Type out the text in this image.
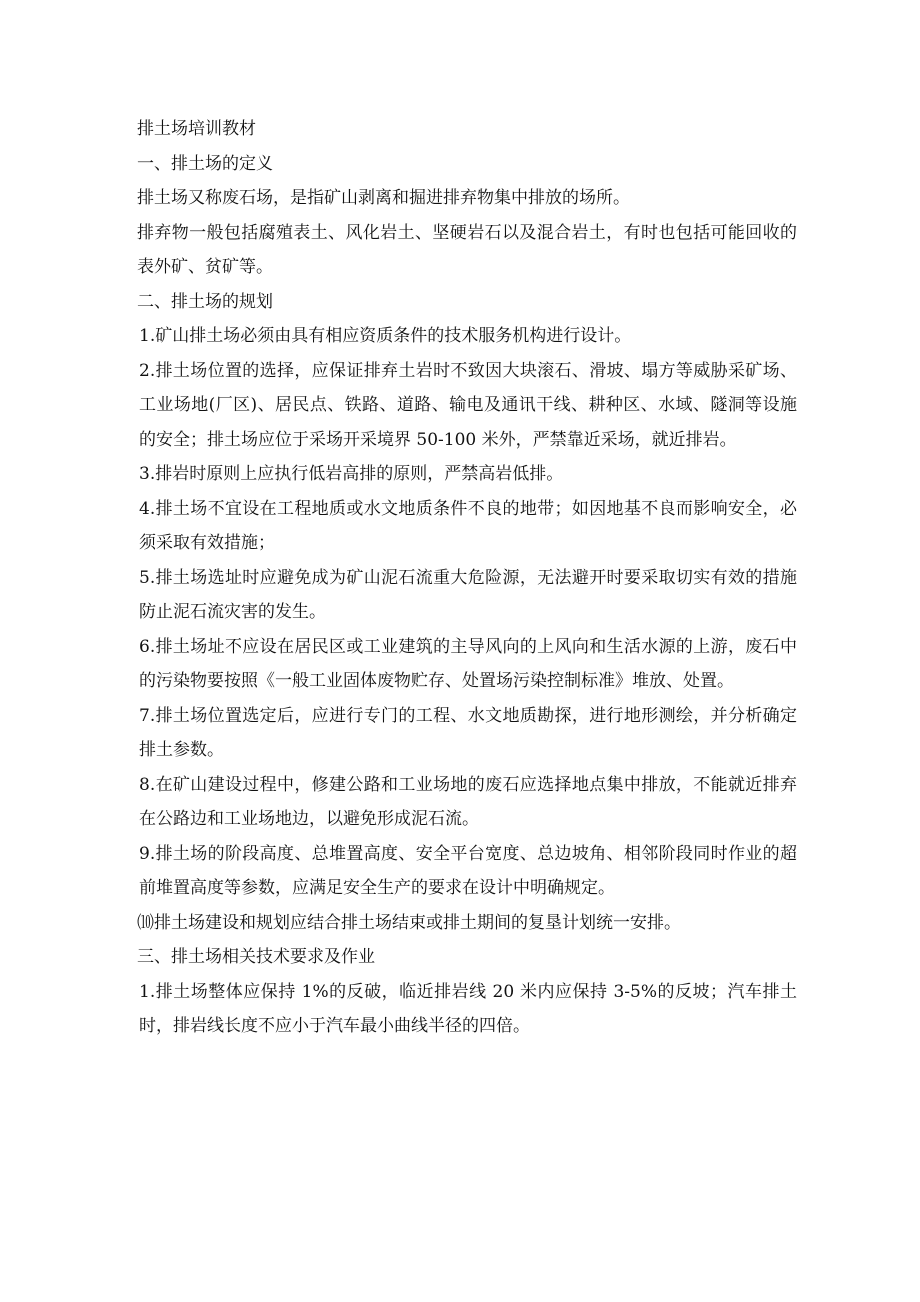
排土场培训教材

一、排土场的定义

排土场又称废石场，是指矿山剥离和掘进排弃物集中排放的场所。

排弃物一般包括腐殖表土、风化岩土、坚硬岩石以及混合岩土，有时也包括可能回收的表外矿、贫矿等。

二、排土场的规划

1.矿山排土场必须由具有相应资质条件的技术服务机构进行设计。

2.排土场位置的选择，应保证排弃土岩时不致因大块滚石、滑坡、塌方等威胁采矿场、工业场地(厂区)、居民点、铁路、道路、输电及通讯干线、耕种区、水域、隧洞等设施的安全；排土场应位于采场开采境界 50-100 米外，严禁靠近采场，就近排岩。

3.排岩时原则上应执行低岩高排的原则，严禁高岩低排。

4.排土场不宜设在工程地质或水文地质条件不良的地带；如因地基不良而影响安全，必须采取有效措施；

5.排土场选址时应避免成为矿山泥石流重大危险源，无法避开时要采取切实有效的措施防止泥石流灾害的发生。

6.排土场址不应设在居民区或工业建筑的主导风向的上风向和生活水源的上游，废石中的污染物要按照《一般工业固体废物贮存、处置场污染控制标准》堆放、处置。

7.排土场位置选定后，应进行专门的工程、水文地质勘探，进行地形测绘，并分析确定排土参数。

8.在矿山建设过程中，修建公路和工业场地的废石应选择地点集中排放，不能就近排弃在公路边和工业场地边，以避免形成泥石流。

9.排土场的阶段高度、总堆置高度、安全平台宽度、总边坡角、相邻阶段同时作业的超前堆置高度等参数，应满足安全生产的要求在设计中明确规定。

⑽排土场建设和规划应结合排土场结束或排土期间的复垦计划统一安排。

三、排土场相关技术要求及作业

1.排土场整体应保持 1%的反破，临近排岩线 20 米内应保持 3-5%的反坡；汽车排土时，排岩线长度不应小于汽车最小曲线半径的四倍。
